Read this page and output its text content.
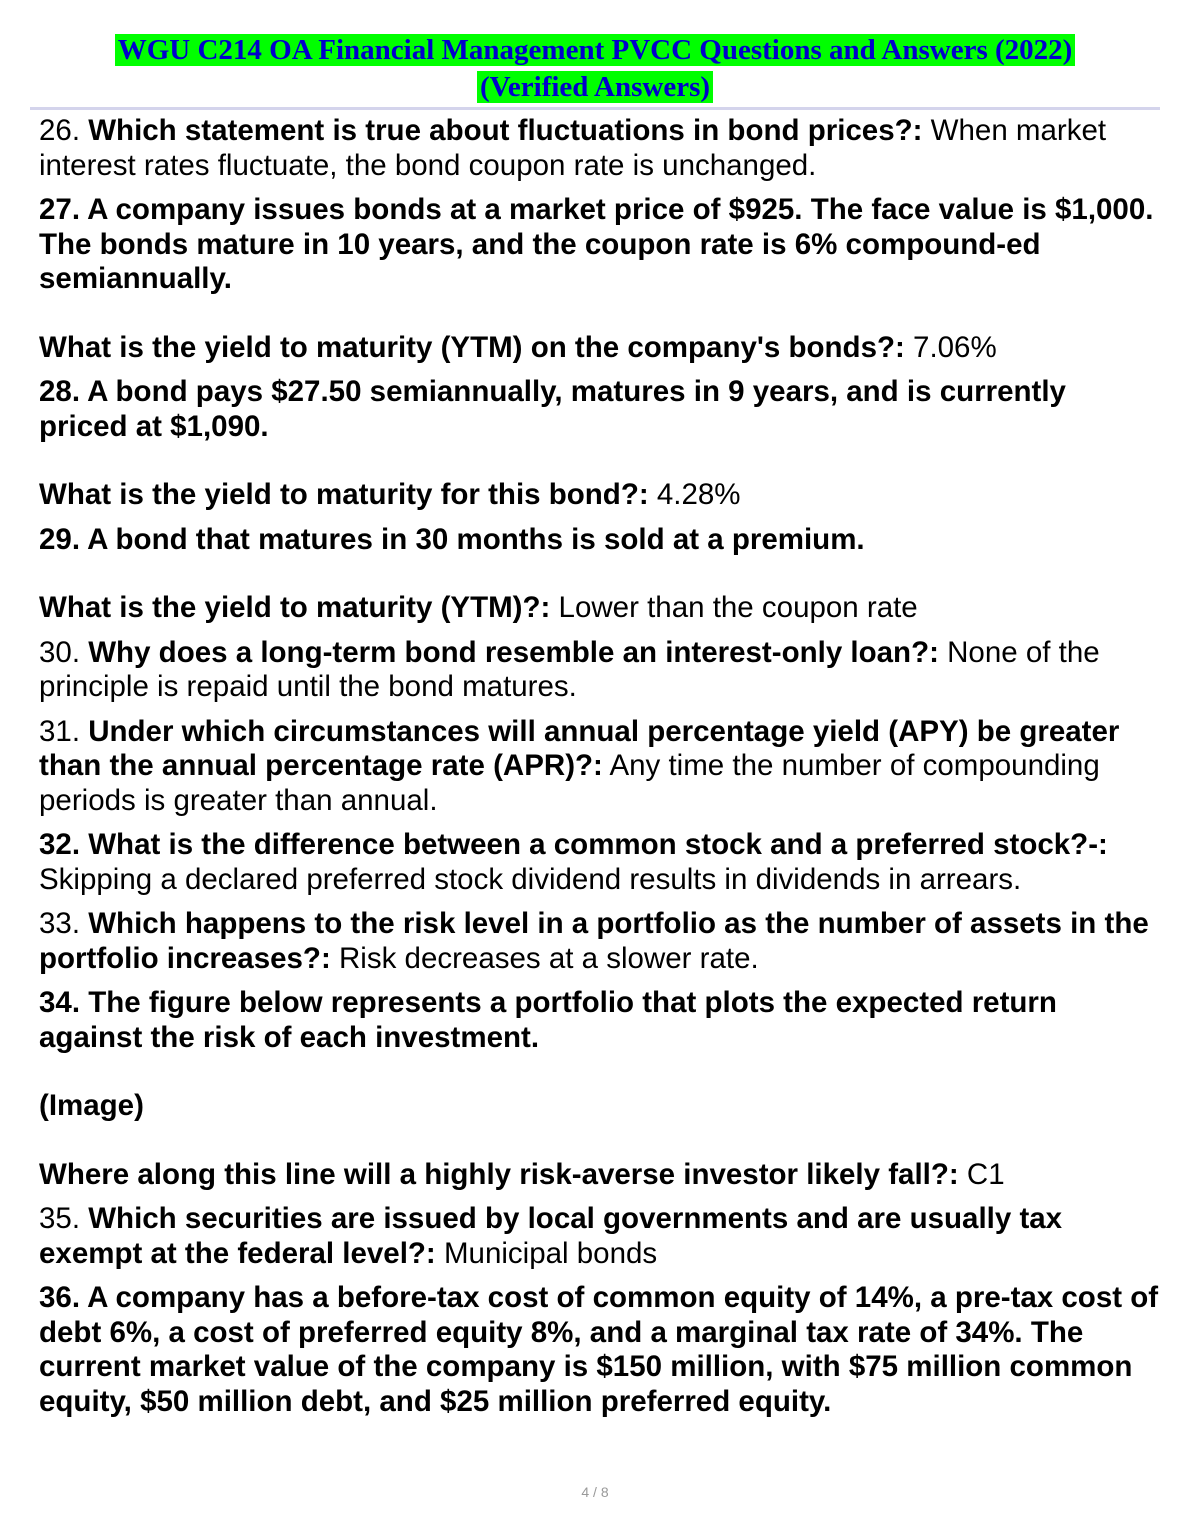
WGU C214 OA Financial Management PVCC Questions and Answers (2022)
(Verified Answers)
26. Which statement is true about fluctuations in bond prices?: When market interest rates fluctuate, the bond coupon rate is unchanged.
27. A company issues bonds at a market price of $925. The face value is $1,000. The bonds mature in 10 years, and the coupon rate is 6% compound-ed semiannually.
What is the yield to maturity (YTM) on the company's bonds?: 7.06%
28. A bond pays $27.50 semiannually, matures in 9 years, and is currently priced at $1,090.
What is the yield to maturity for this bond?: 4.28%
29. A bond that matures in 30 months is sold at a premium.
What is the yield to maturity (YTM)?: Lower than the coupon rate
30. Why does a long-term bond resemble an interest-only loan?: None of the principle is repaid until the bond matures.
31. Under which circumstances will annual percentage yield (APY) be greater than the annual percentage rate (APR)?: Any time the number of compounding periods is greater than annual.
32. What is the difference between a common stock and a preferred stock?-: Skipping a declared preferred stock dividend results in dividends in arrears.
33. Which happens to the risk level in a portfolio as the number of assets in the portfolio increases?: Risk decreases at a slower rate.
34. The figure below represents a portfolio that plots the expected return against the risk of each investment.
(Image)
Where along this line will a highly risk-averse investor likely fall?: C1
35. Which securities are issued by local governments and are usually tax exempt at the federal level?: Municipal bonds
36. A company has a before-tax cost of common equity of 14%, a pre-tax cost of debt 6%, a cost of preferred equity 8%, and a marginal tax rate of 34%. The current market value of the company is $150 million, with $75 million common equity, $50 million debt, and $25 million preferred equity.
4 / 8
